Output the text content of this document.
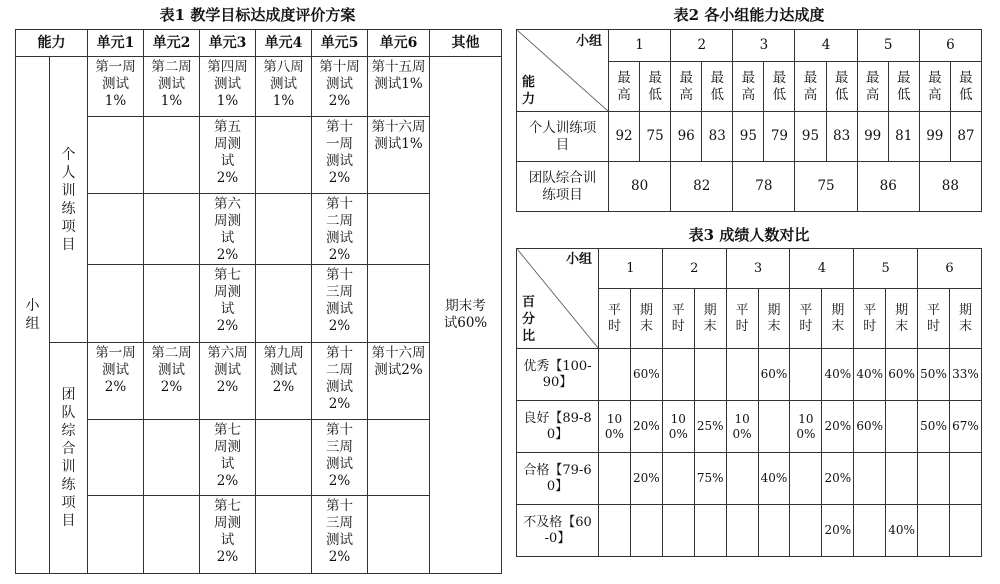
表1 教学目标达成度评价方案
能力		单元1	单元2	单元3	单元4	单元5	单元6	其他

小组	个人训练项目	第一周测试1%	第二周测试1%	第四周测试1%	第八周测试1%	第十周测试2%	第十五周测试1%	期末考试60%

				第五周测试2%		第十一周测试2%	第十六周测试1%	

				第六周测试2%		第十二周测试2%		

				第七周测试2%		第十三周测试2%		

	团队综合训练项目	第一周测试2%	第二周测试2%	第六周测试2%	第九周测试2%	第十二周测试2%	第十六周测试2%	

				第七周测试2%		第十三周测试2%		

				第七周测试2%		第十三周测试2%		

表2 各小组能力达成度
小组
能
力	1		2		3		4		5		6	

	最高	最低	最高	最低	最高	最低	最高	最低	最高	最低	最高	最低

个人训练项目	92	75	96	83	95	79	95	83	99	81	99	87

团队综合训练项目	80		82		78		75		86		88	
表3 成绩人数对比
小组
百
分
比	1		2		3		4		5		6	

	平时	期末	平时	期末	平时	期末	平时	期末	平时	期末	平时	期末

优秀【100-90】		60%				60%		40%	40%	60%	50%	33%

良好【89-80】	100%	20%	100%	25%	100%		100%	20%	60%		50%	67%

合格【79-60】		20%		75%		40%		20%				

不及格【60-0】								20%		40%		
